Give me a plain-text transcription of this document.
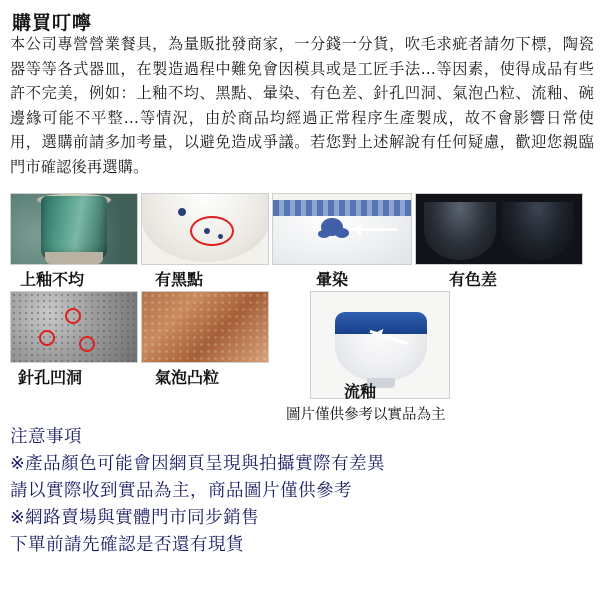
購買叮嚀
本公司專營營業餐具，為量販批發商家，一分錢一分貨，吹毛求疵者請勿下標，陶瓷器等等各式器皿，在製造過程中難免會因模具或是工匠手法…等因素，使得成品有些許不完美，例如：上釉不均、黑點、暈染、有色差、針孔凹洞、氣泡凸粒、流釉、碗邊緣可能不平整…等情況，由於商品均經過正常程序生產製成，故不會影響日常使用，選購前請多加考量，以避免造成爭議。若您對上述解說有任何疑慮，歡迎您親臨門市確認後再選購。
上釉不均	有黑點	暈染	有色差
針孔凹洞	氣泡凸粒
流釉
圖片僅供參考以實品為主
注意事項
※產品顏色可能會因網頁呈現與拍攝實際有差異
請以實際收到實品為主，商品圖片僅供參考
※網路賣場與實體門市同步銷售
下單前請先確認是否還有現貨
